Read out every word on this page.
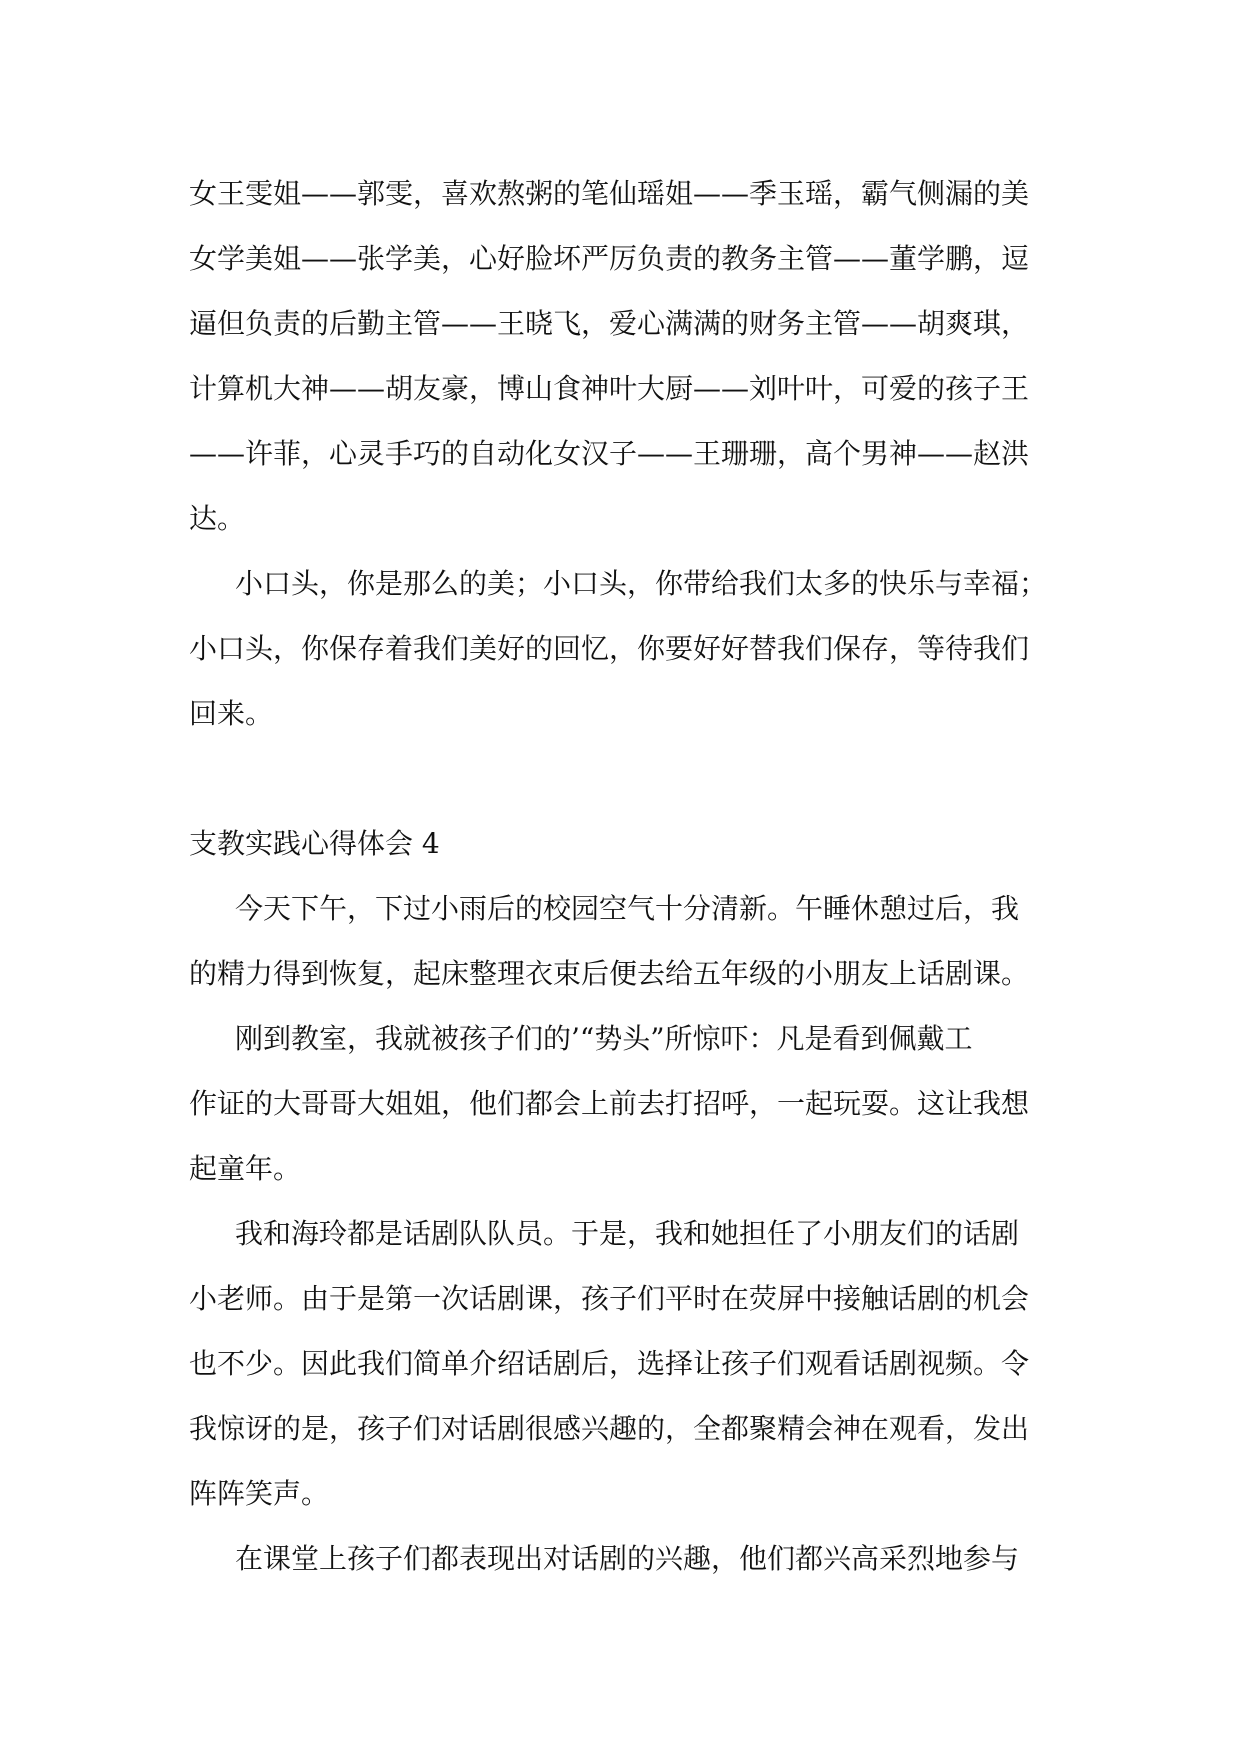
女王雯姐——郭雯，喜欢熬粥的笔仙瑶姐——季玉瑶，霸气侧漏的美
女学美姐——张学美，心好脸坏严厉负责的教务主管——董学鹏，逗
逼但负责的后勤主管——王晓飞，爱心满满的财务主管——胡爽琪，
计算机大神——胡友豪，博山食神叶大厨——刘叶叶，可爱的孩子王
——许菲，心灵手巧的自动化女汉子——王珊珊，高个男神——赵洪
达。
小口头，你是那么的美；小口头，你带给我们太多的快乐与幸福；
小口头，你保存着我们美好的回忆，你要好好替我们保存，等待我们
回来。
支教实践心得体会 4
今天下午，下过小雨后的校园空气十分清新。午睡休憩过后，我
的精力得到恢复，起床整理衣束后便去给五年级的小朋友上话剧课。
刚到教室，我就被孩子们的’“势头”所惊吓：凡是看到佩戴工
作证的大哥哥大姐姐，他们都会上前去打招呼，一起玩耍。这让我想
起童年。
我和海玲都是话剧队队员。于是，我和她担任了小朋友们的话剧
小老师。由于是第一次话剧课，孩子们平时在荧屏中接触话剧的机会
也不少。因此我们简单介绍话剧后，选择让孩子们观看话剧视频。令
我惊讶的是，孩子们对话剧很感兴趣的，全都聚精会神在观看，发出
阵阵笑声。
在课堂上孩子们都表现出对话剧的兴趣，他们都兴高采烈地参与
